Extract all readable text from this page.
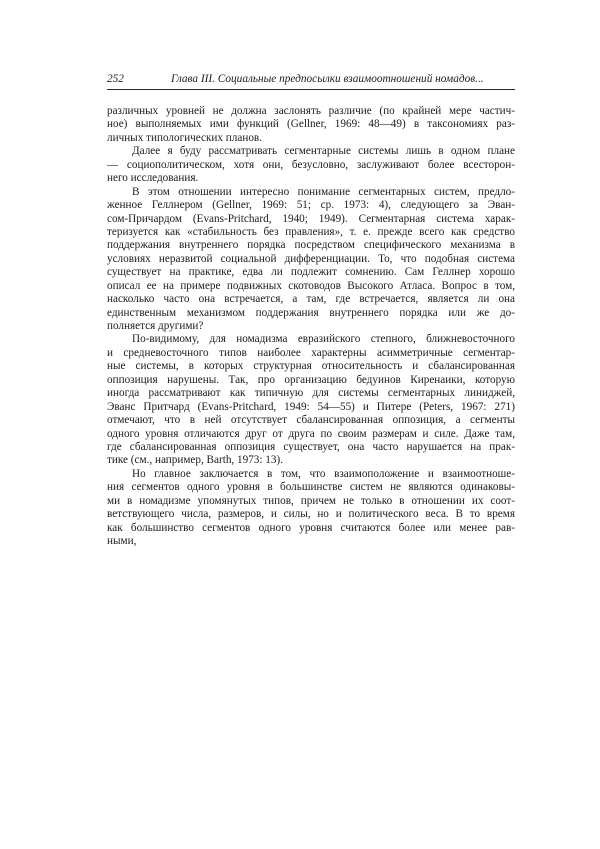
252	Глава III. Социальные предпосылки взаимоотношений номадов...
различных уровней не должна заслонять различие (по крайней мере частич-
ное) выполняемых ими функций (Gellner, 1969: 48—49) в таксономиях раз-
личных типологических планов.
Далее я буду рассматривать сегментарные системы лишь в одном плане
— социополитическом, хотя они, безусловно, заслуживают более всесторон-
него исследования.
В этом отношении интересно понимание сегментарных систем, предло-
женное Геллнером (Gellner, 1969: 51; ср. 1973: 4), следующего за Эван-
сом-Причардом (Evans-Pritchard, 1940; 1949). Сегментарная система харак-
теризуется как «стабильность без правления», т. е. прежде всего как средство
поддержания внутреннего порядка посредством специфического механизма в
условиях неразвитой социальной дифференциации. То, что подобная система
существует на практике, едва ли подлежит сомнению. Сам Геллнер хорошо
описал ее на примере подвижных скотоводов Высокого Атласа. Вопрос в том,
насколько часто она встречается, а там, где встречается, является ли она
единственным механизмом поддержания внутреннего порядка или же до-
полняется другими?
По-видимому, для номадизма евразийского степного, ближневосточного
и средневосточного типов наиболее характерны асимметричные сегментар-
ные системы, в которых структурная относительность и сбалансированная
оппозиция нарушены. Так, про организацию бедуинов Киренаики, которую
иногда рассматривают как типичную для системы сегментарных линиджей,
Эванс Притчард (Evans-Pritchard, 1949: 54—55) и Питере (Peters, 1967: 271)
отмечают, что в ней отсутствует сбалансированная оппозиция, а сегменты
одного уровня отличаются друг от друга по своим размерам и силе. Даже там,
где сбалансированная оппозиция существует, она часто нарушается на прак-
тике (см., например, Barth, 1973: 13).
Но главное заключается в том, что взаимоположение и взаимоотноше-
ния сегментов одного уровня в большинстве систем не являются одинаковы-
ми в номадизме упомянутых типов, причем не только в отношении их соот-
ветствующего числа, размеров, и силы, но и политического веса. В то время
как большинство сегментов одного уровня считаются более или менее рав-
ными,
